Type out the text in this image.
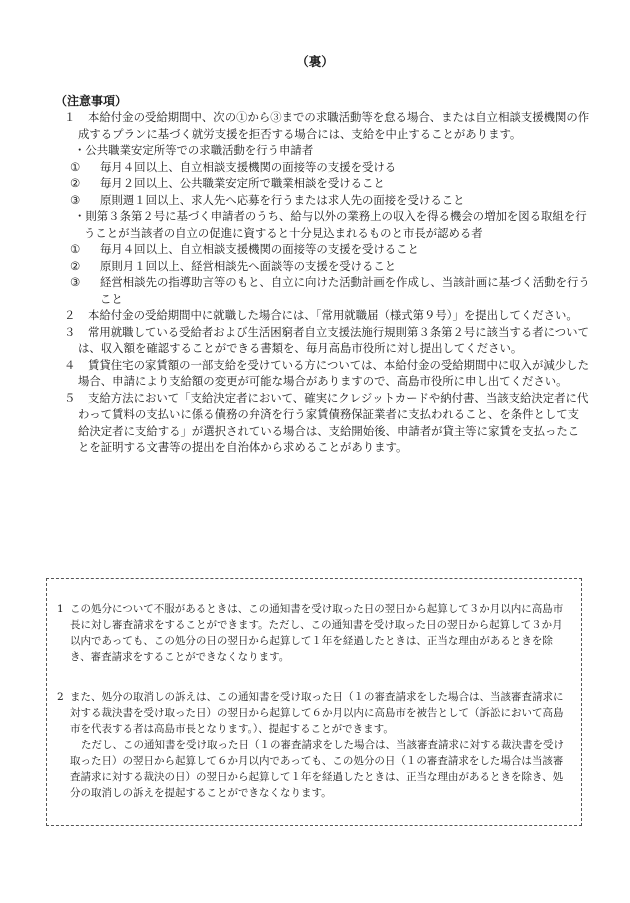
（裏）
（注意事項）
１	本給付金の受給期間中、次の①から③までの求職活動等を怠る場合、または自立相談支援機関の作成するプランに基づく就労支援を拒否する場合には、支給を中止することがあります。
・公共職業安定所等での求職活動を行う申請者
① 毎月４回以上、自立相談支援機関の面接等の支援を受ける
② 毎月２回以上、公共職業安定所で職業相談を受けること
③ 原則週１回以上、求人先へ応募を行うまたは求人先の面接を受けること
・則第３条第２号に基づく申請者のうち、給与以外の業務上の収入を得る機会の増加を図る取組を行うことが当該者の自立の促進に資すると十分見込まれるものと市長が認める者
① 毎月４回以上、自立相談支援機関の面接等の支援を受けること
② 原則月１回以上、経営相談先へ面談等の支援を受けること
③ 経営相談先の指導助言等のもと、自立に向けた活動計画を作成し、当該計画に基づく活動を行うこと
２	本給付金の受給期間中に就職した場合には、「常用就職届（様式第９号）」を提出してください。
３	常用就職している受給者および生活困窮者自立支援法施行規則第３条第２号に該当する者については、収入額を確認することができる書類を、毎月高島市役所に対し提出してください。
４	賃貸住宅の家賃額の一部支給を受けている方については、本給付金の受給期間中に収入が減少した場合、申請により支給額の変更が可能な場合がありますので、高島市役所に申し出てください。
５	支給方法において「支給決定者において、確実にクレジットカードや納付書、当該支給決定者に代わって賃料の支払いに係る債務の弁済を行う家賃債務保証業者に支払われること、を条件として支給決定者に支給する」が選択されている場合は、支給開始後、申請者が貸主等に家賃を支払ったことを証明する文書等の提出を自治体から求めることがあります。
1 この処分について不服があるときは、この通知書を受け取った日の翌日から起算して３か月以内に高島市長に対し審査請求をすることができます。ただし、この通知書を受け取った日の翌日から起算して３か月以内であっても、この処分の日の翌日から起算して１年を経過したときは、正当な理由があるときを除き、審査請求をすることができなくなります。
2 また、処分の取消しの訴えは、この通知書を受け取った日（１の審査請求をした場合は、当該審査請求に対する裁決書を受け取った日）の翌日から起算して６か月以内に高島市を被告として（訴訟において高島市を代表する者は高島市長となります。）、提起することができます。
ただし、この通知書を受け取った日（１の審査請求をした場合は、当該審査請求に対する裁決書を受け取った日）の翌日から起算して６か月以内であっても、この処分の日（１の審査請求をした場合は当該審査請求に対する裁決の日）の翌日から起算して１年を経過したときは、正当な理由があるときを除き、処分の取消しの訴えを提起することができなくなります。
